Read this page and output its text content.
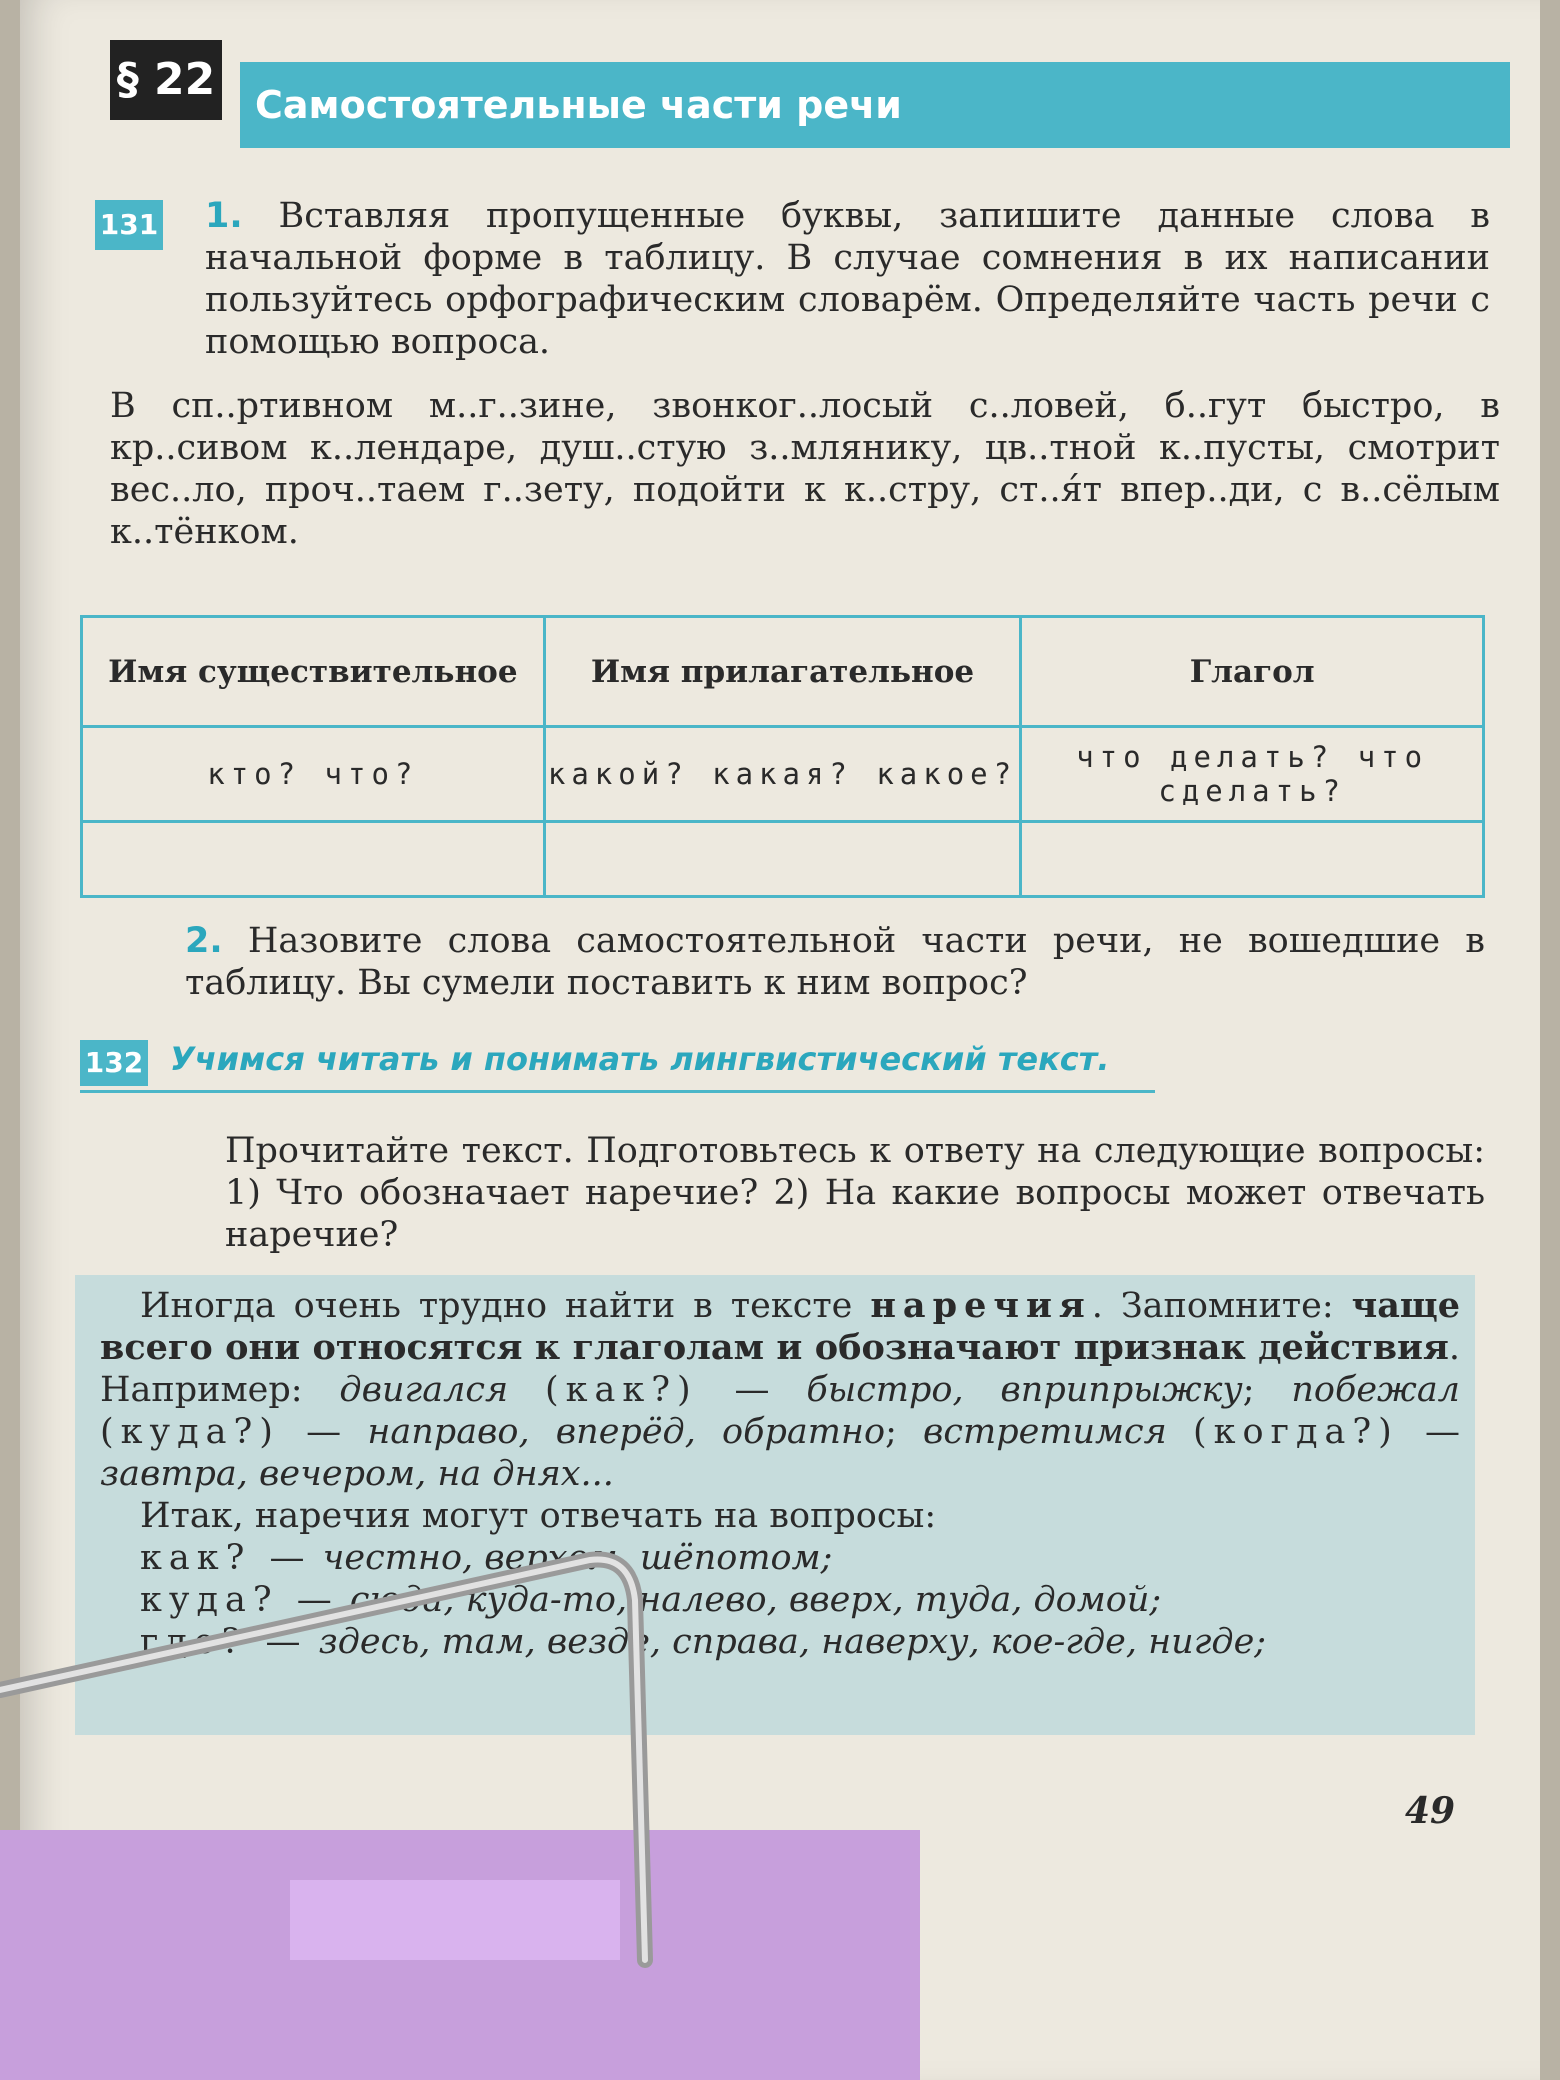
§ 22 Самостоятельные части речи
131 1. Вставляя пропущенные буквы, запишите данные слова в начальной форме в таблицу. В случае сомнения в их написании пользуйтесь орфографическим словарём. Определяйте часть речи с помощью вопроса.
В сп..ртивном м..г..зине, звонког..лосый с..ловей, б..гут быстро, в кр..сивом к..лендаре, душ..стую з..млянику, цв..тной к..пусты, смотрит вес..ло, проч..таем г..зету, подойти к к..стру, ст..я́т впер..ди, с в..сёлым к..тёнком.
Имя существительное	Имя прилагательное	Глагол
кто? что?	какой? какая? какое?	что делать? что сделать?

2. Назовите слова самостоятельной части речи, не вошедшие в таблицу. Вы сумели поставить к ним вопрос?
132 Учимся читать и понимать лингвистический текст.
Прочитайте текст. Подготовьтесь к ответу на следующие вопросы: 1) Что обозначает наречие? 2) На какие вопросы может отвечать наречие?
Иногда очень трудно найти в тексте наречия. Запомните: чаще всего они относятся к глаголам и обозначают признак действия. Например: двигался (как?) — быстро, вприпрыжку; побежал (куда?) — направо, вперёд, обратно; встретимся (когда?) — завтра, вечером, на днях...
Итак, наречия могут отвечать на вопросы:
как? — честно, верхом, шёпотом;
куда? — сюда, куда-то, налево, вверх, туда, домой;
где? — здесь, там, везде, справа, наверху, кое-где, нигде;
49
